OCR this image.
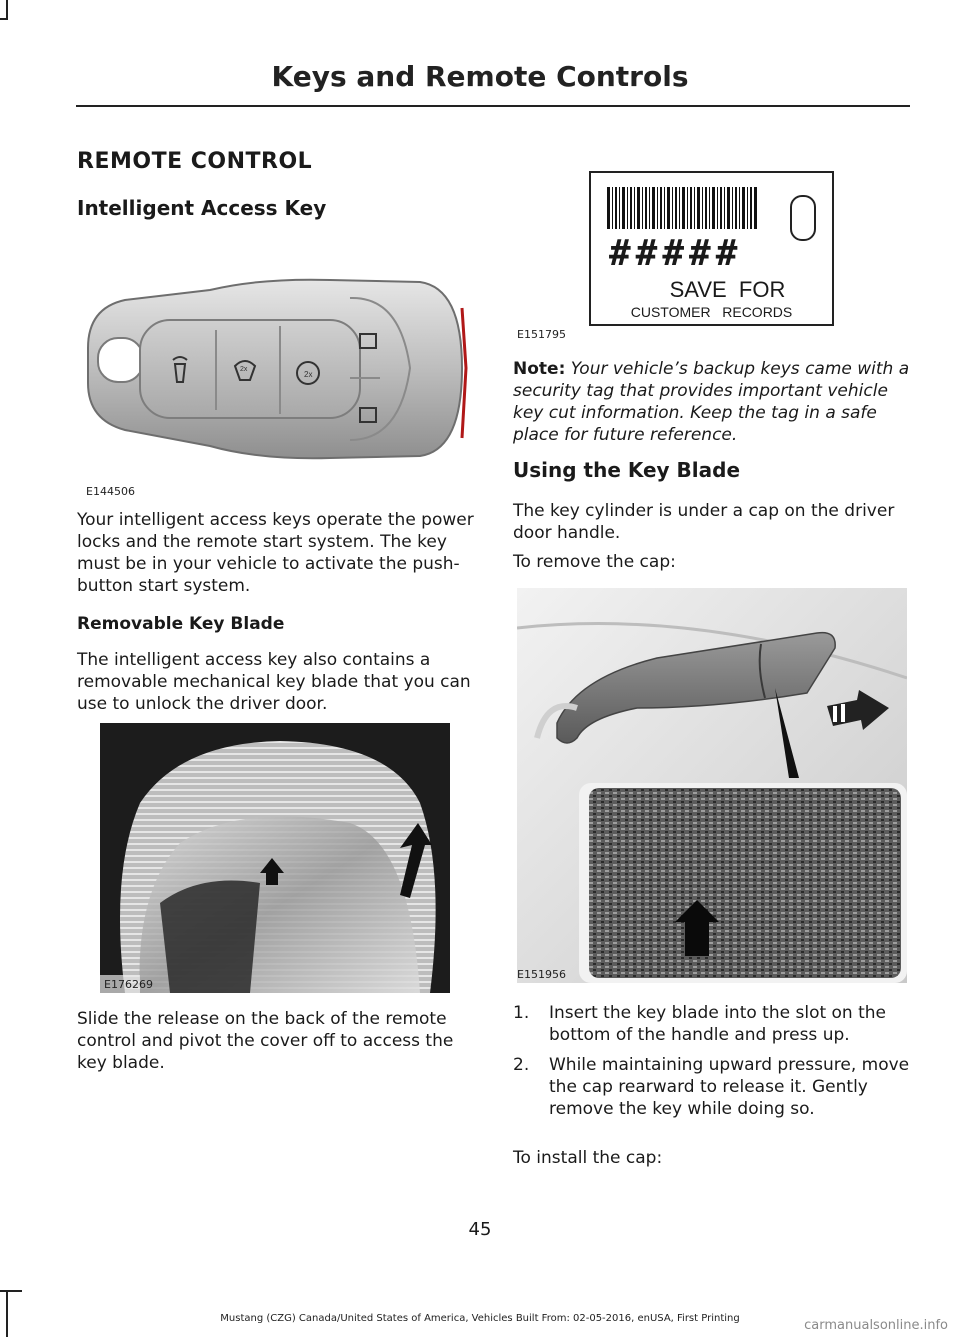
Keys and Remote Controls
REMOTE CONTROL
Intelligent Access Key
2x
2x
E144506
Your intelligent access keys operate the power locks and the remote start system. The key must be in your vehicle to activate the push-button start system.
Removable Key Blade
The intelligent access key also contains a removable mechanical key blade that you can use to unlock the driver door.
E176269
Slide the release on the back of the remote control and pivot the cover off to access the key blade.
#####
SAVE  FOR
CUSTOMER   RECORDS
E151795
Note: Your vehicle’s backup keys came with a security tag that provides important vehicle key cut information. Keep the tag in a safe place for future reference.
Using the Key Blade
The key cylinder is under a cap on the driver door handle.
To remove the cap:
E151956
1. Insert the key blade into the slot on the bottom of the handle and press up.
2. While maintaining upward pressure, move the cap rearward to release it. Gently remove the key while doing so.
To install the cap:
45
Mustang (CZG) Canada/United States of America, Vehicles Built From: 02-05-2016, enUSA, First Printing	carmanualsonline.info
